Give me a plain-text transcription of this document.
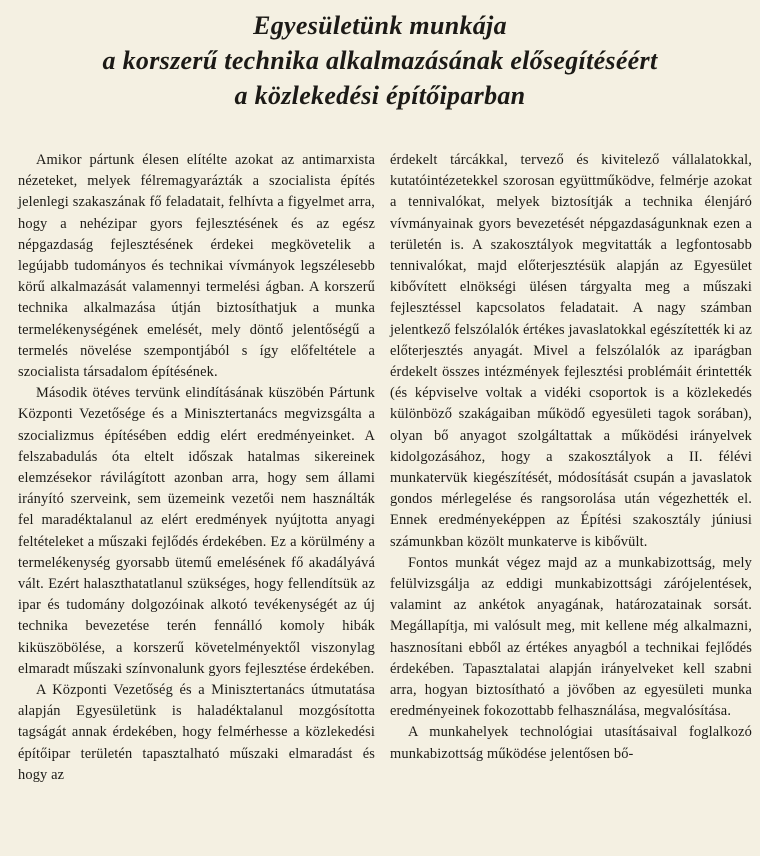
Egyesületünk munkája
a korszerű technika alkalmazásának elősegítéséért
a közlekedési építőiparban

Amikor pártunk élesen elítélte azokat az antimarxista nézeteket, melyek félremagyarázták a szocialista építés jelenlegi szakaszának fő feladatait, felhívta a figyelmet arra, hogy a nehézipar gyors fejlesztésének és az egész népgazdaság fejlesztésének érdekei megkövetelik a legújabb tudományos és technikai vívmányok legszélesebb körű alkalmazását valamennyi termelési ágban. A korszerű technika alkalmazása útján biztosíthatjuk a munka termelékenységének emelését, mely döntő jelentőségű a termelés növelése szempontjából s így előfeltétele a szocialista társadalom építésének.

Második ötéves tervünk elindításának küszöbén Pártunk Központi Vezetősége és a Minisztertanács megvizsgálta a szocializmus építésében eddig elért eredményeinket. A felszabadulás óta eltelt időszak hatalmas sikereinek elemzésekor rávilágított azonban arra, hogy sem állami irányító szerveink, sem üzemeink vezetői nem használták fel maradéktalanul az elért eredmények nyújtotta anyagi feltételeket a műszaki fejlődés érdekében. Ez a körülmény a termelékenység gyorsabb ütemű emelésének fő akadályává vált. Ezért halaszthatatlanul szükséges, hogy fellendítsük az ipar és tudomány dolgozóinak alkotó tevékenységét az új technika bevezetése terén fennálló komoly hibák kiküszöbölése, a korszerű követelményektől viszonylag elmaradt műszaki színvonalunk gyors fejlesztése érdekében.

A Központi Vezetőség és a Minisztertanács útmutatása alapján Egyesületünk is haladéktalanul mozgósította tagságát annak érdekében, hogy felmérhesse a közlekedési építőipar területén tapasztalható műszaki elmaradást és hogy az

érdekelt tárcákkal, tervező és kivitelező vállalatokkal, kutatóintézetekkel szorosan együttműködve, felmérje azokat a tennivalókat, melyek biztosítják a technika élenjáró vívmányainak gyors bevezetését népgazdaságunknak ezen a területén is. A szakosztályok megvitatták a legfontosabb tennivalókat, majd előterjesztésük alapján az Egyesület kibővített elnökségi ülésen tárgyalta meg a műszaki fejlesztéssel kapcsolatos feladatait. A nagy számban jelentkező felszólalók értékes javaslatokkal egészítették ki az előterjesztés anyagát. Mivel a felszólalók az iparágban érdekelt összes intézmények fejlesztési problémáit érintették (és képviselve voltak a vidéki csoportok is a közlekedés különböző szakágaiban működő egyesületi tagok sorában), olyan bő anyagot szolgáltattak a működési irányelvek kidolgozásához, hogy a szakosztályok a II. félévi munkatervük kiegészítését, módosítását csupán a javaslatok gondos mérlegelése és rangsorolása után végezhették el. Ennek eredményeképpen az Építési szakosztály júniusi számunkban közölt munkaterve is kibővült.

Fontos munkát végez majd az a munkabizottság, mely felülvizsgálja az eddigi munkabizottsági zárójelentések, valamint az ankétok anyagának, határozatainak sorsát. Megállapítja, mi valósult meg, mit kellene még alkalmazni, hasznosítani ebből az értékes anyagból a technikai fejlődés érdekében. Tapasztalatai alapján irányelveket kell szabni arra, hogyan biztosítható a jövőben az egyesületi munka eredményeinek fokozottabb felhasználása, megvalósítása.

A munkahelyek technológiai utasításaival foglalkozó munkabizottság működése jelentősen bő-
